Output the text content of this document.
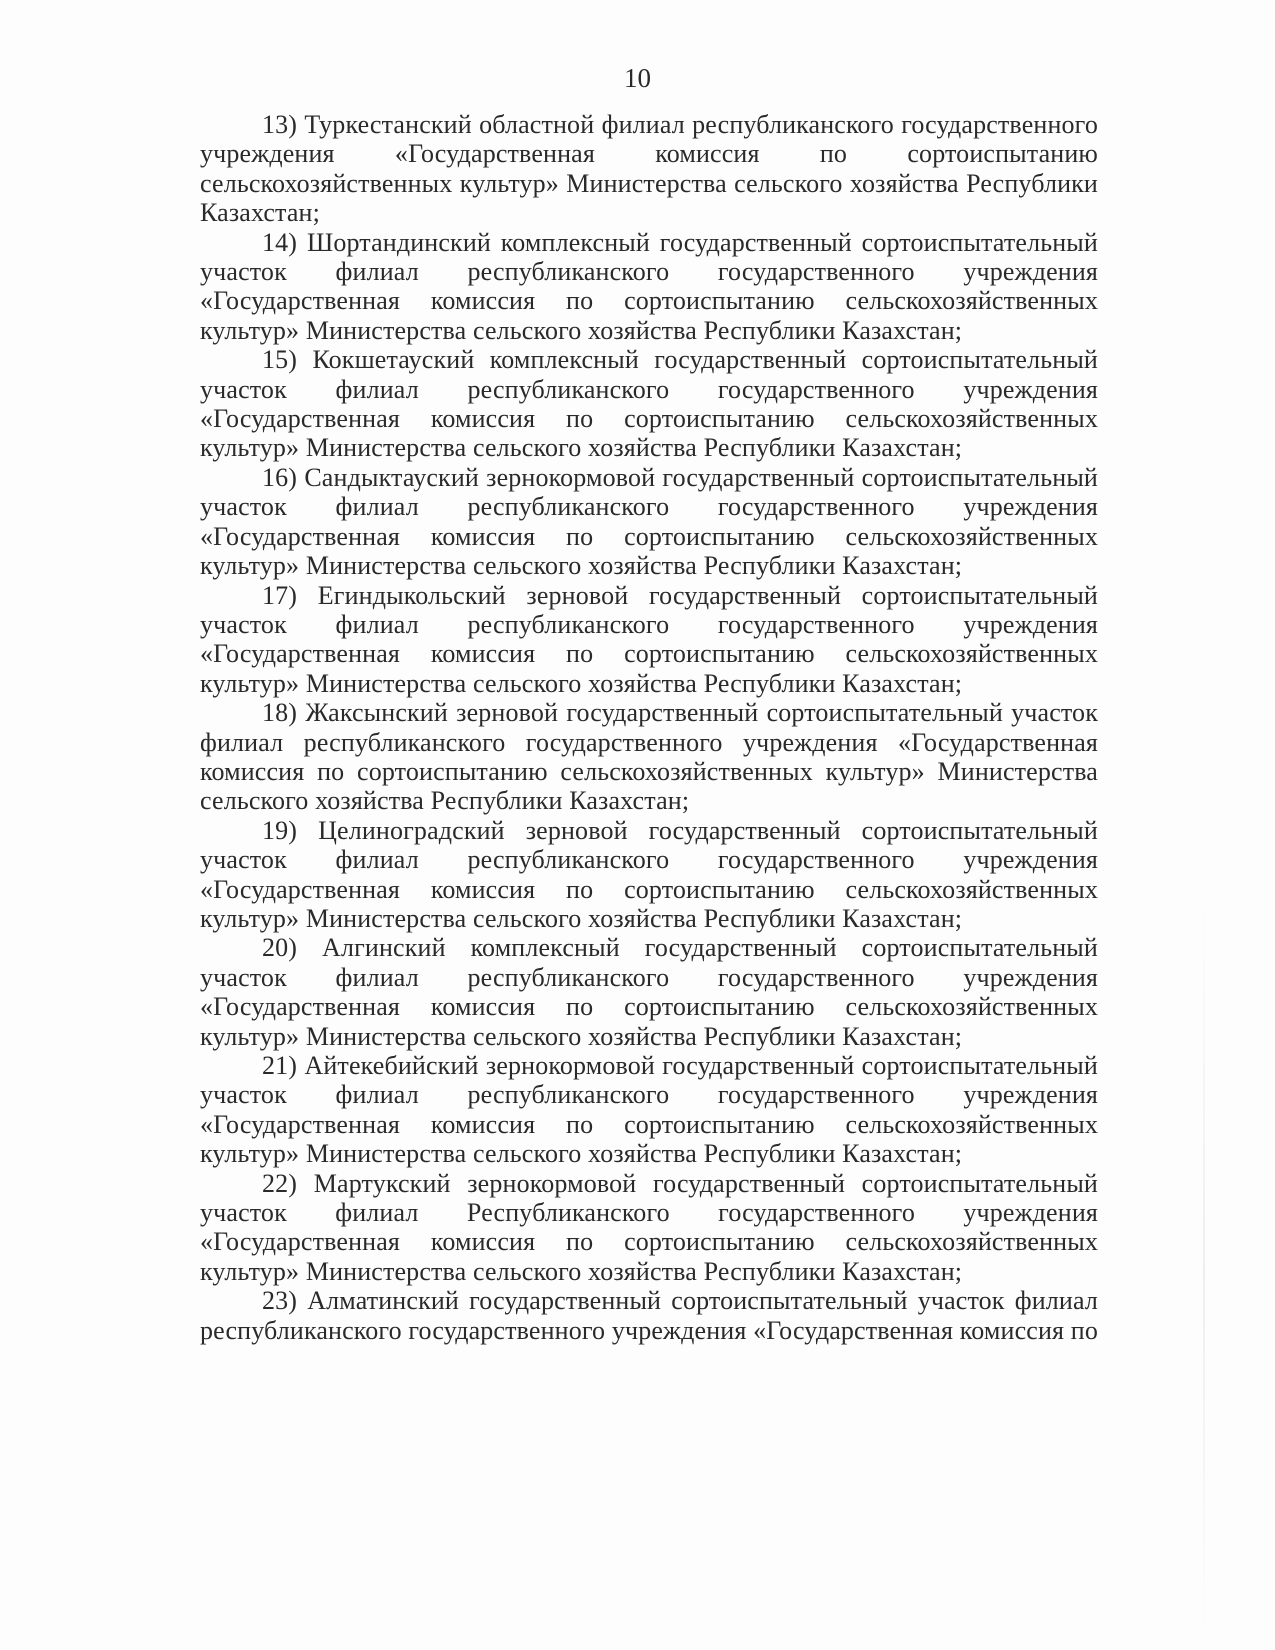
10

13) Туркестанский областной филиал республиканского государственного учреждения «Государственная комиссия по сортоиспытанию сельскохозяйственных культур» Министерства сельского хозяйства Республики Казахстан;

14) Шортандинский комплексный государственный сортоиспытательный участок филиал республиканского государственного учреждения «Государственная комиссия по сортоиспытанию сельскохозяйственных культур» Министерства сельского хозяйства Республики Казахстан;

15) Кокшетауский комплексный государственный сортоиспытательный участок филиал республиканского государственного учреждения «Государственная комиссия по сортоиспытанию сельскохозяйственных культур» Министерства сельского хозяйства Республики Казахстан;

16) Сандыктауский зернокормовой государственный сортоиспытательный участок филиал республиканского государственного учреждения «Государственная комиссия по сортоиспытанию сельскохозяйственных культур» Министерства сельского хозяйства Республики Казахстан;

17) Егиндыкольский зерновой государственный сортоиспытательный участок филиал республиканского государственного учреждения «Государственная комиссия по сортоиспытанию сельскохозяйственных культур» Министерства сельского хозяйства Республики Казахстан;

18) Жаксынский зерновой государственный сортоиспытательный участок филиал республиканского государственного учреждения «Государственная комиссия по сортоиспытанию сельскохозяйственных культур» Министерства сельского хозяйства Республики Казахстан;

19) Целиноградский зерновой государственный сортоиспытательный участок филиал республиканского государственного учреждения «Государственная комиссия по сортоиспытанию сельскохозяйственных культур» Министерства сельского хозяйства Республики Казахстан;

20) Алгинский комплексный государственный сортоиспытательный участок филиал республиканского государственного учреждения «Государственная комиссия по сортоиспытанию сельскохозяйственных культур» Министерства сельского хозяйства Республики Казахстан;

21) Айтекебийский зернокормовой государственный сортоиспытательный участок филиал республиканского государственного учреждения «Государственная комиссия по сортоиспытанию сельскохозяйственных культур» Министерства сельского хозяйства Республики Казахстан;

22) Мартукский зернокормовой государственный сортоиспытательный участок филиал Республиканского государственного учреждения «Государственная комиссия по сортоиспытанию сельскохозяйственных культур» Министерства сельского хозяйства Республики Казахстан;

23) Алматинский государственный сортоиспытательный участок филиал республиканского государственного учреждения «Государственная комиссия по
